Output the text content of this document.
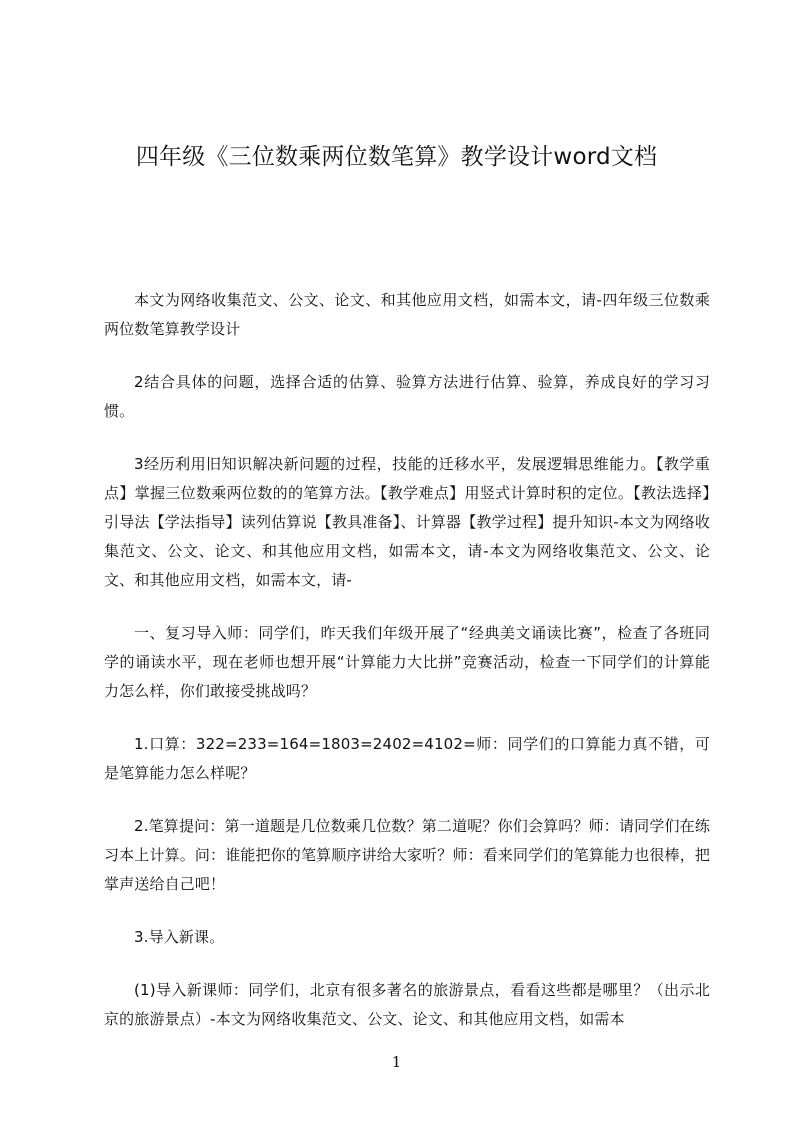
四年级《三位数乘两位数笔算》教学设计word文档

本文为网络收集范文、公文、论文、和其他应用文档，如需本文，请-四年级三位数乘两位数笔算教学设计

2结合具体的问题，选择合适的估算、验算方法进行估算、验算，养成良好的学习习惯。

3经历利用旧知识解决新问题的过程，技能的迁移水平，发展逻辑思维能力。【教学重点】掌握三位数乘两位数的的笔算方法。【教学难点】用竖式计算时积的定位。【教法选择】引导法【学法指导】读列估算说【教具准备】、计算器【教学过程】提升知识-本文为网络收集范文、公文、论文、和其他应用文档，如需本文，请-本文为网络收集范文、公文、论文、和其他应用文档，如需本文，请-

一、复习导入师：同学们，昨天我们年级开展了“经典美文诵读比赛”，检查了各班同学的诵读水平，现在老师也想开展“计算能力大比拼”竞赛活动，检查一下同学们的计算能力怎么样，你们敢接受挑战吗？

1.口算：322=233=164=1803=2402=4102=师：同学们的口算能力真不错，可是笔算能力怎么样呢？

2.笔算提问：第一道题是几位数乘几位数？第二道呢？你们会算吗？师：请同学们在练习本上计算。问：谁能把你的笔算顺序讲给大家听？师：看来同学们的笔算能力也很棒，把掌声送给自己吧！

3.导入新课。

(1)导入新课师：同学们，北京有很多著名的旅游景点，看看这些都是哪里？（出示北京的旅游景点）-本文为网络收集范文、公文、论文、和其他应用文档，如需本

1
